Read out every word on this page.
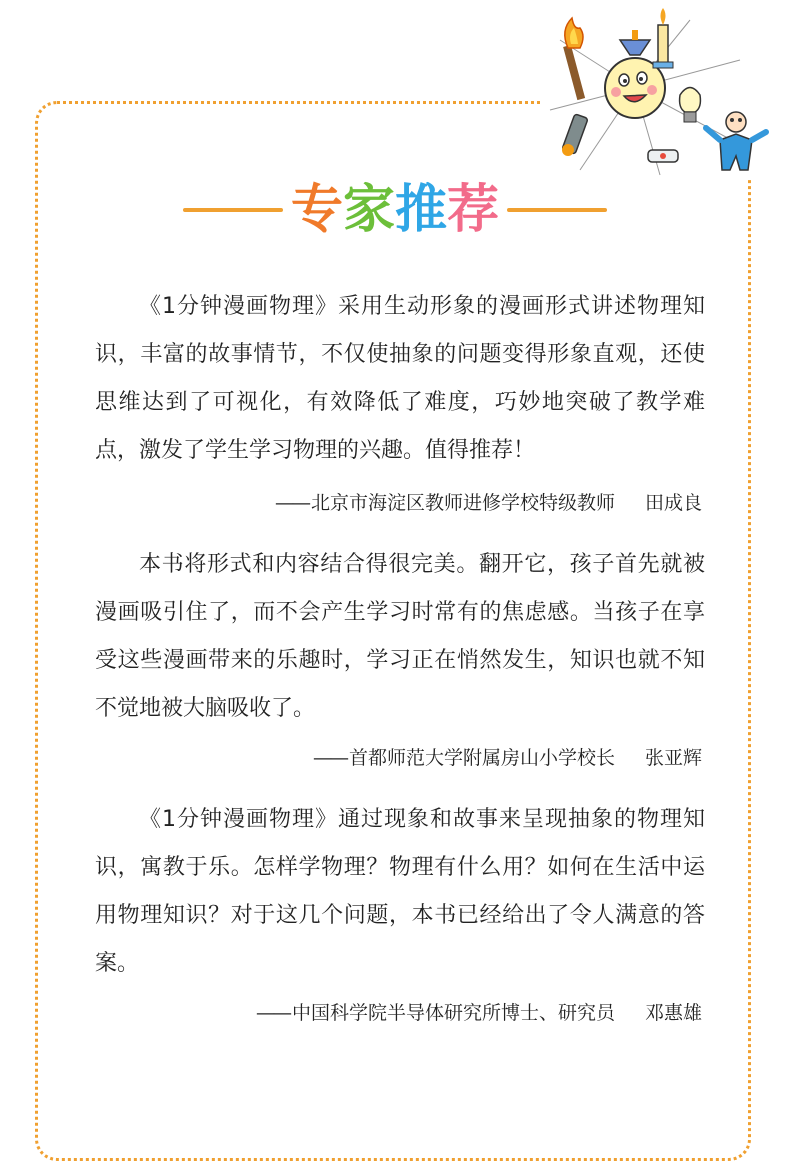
专 家 推 荐

《1分钟漫画物理》采用生动形象的漫画形式讲述物理知识，丰富的故事情节，不仅使抽象的问题变得形象直观，还使思维达到了可视化，有效降低了难度，巧妙地突破了教学难点，激发了学生学习物理的兴趣。值得推荐！

—— 北京市海淀区教师进修学校特级教师 田成良

本书将形式和内容结合得很完美。翻开它，孩子首先就被漫画吸引住了，而不会产生学习时常有的焦虑感。当孩子在享受这些漫画带来的乐趣时，学习正在悄然发生，知识也就不知不觉地被大脑吸收了。

—— 首都师范大学附属房山小学校长 张亚辉

《1分钟漫画物理》通过现象和故事来呈现抽象的物理知识，寓教于乐。怎样学物理？物理有什么用？如何在生活中运用物理知识？对于这几个问题，本书已经给出了令人满意的答案。

—— 中国科学院半导体研究所博士、研究员 邓惠雄
